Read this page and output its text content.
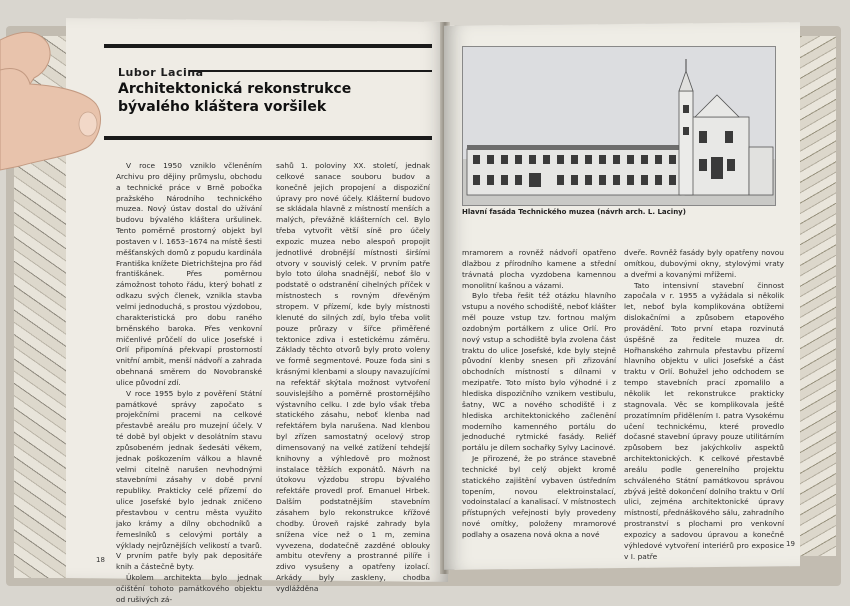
Lubor Lacina
Architektonická rekonstrukce
bývalého kláštera voršilek

V roce 1950 vzniklo včleněním Archivu pro dějiny průmyslu, obchodu a technické práce v Brně pobočka pražského Národního technického muzea. Nový ústav dostal do užívání budovu bývalého kláštera uršulinek. Tento poměrně prostorný objekt byl postaven v l. 1653–1674 na místě šesti měšťanských domů z popudu kardinála Františka knížete Dietrichštejna pro řád františkánek. Přes poměrnou zámožnost tohoto řádu, který bohatl z odkazu svých členek, vznikla stavba velmi jednoduchá, s prostou výzdobou, charakteristická pro dobu raného brněnského baroka. Přes venkovní mičenlivé průčelí do ulice Josefské i Orlí připomíná překvapí prostorností vnitřní ambit, menší nádvoří a zahrada obehnaná směrem do Novobranské ulice původní zdí.

V roce 1955 bylo z pověření Státní památkové správy započato s projekčními pracemi na celkové přestavbě areálu pro muzejní účely. V té době byl objekt v desolátním stavu způsobeném jednak šedesáti věkem, jednak poškozením válkou a hlavně velmi citelně narušen nevhodnými stavebními zásahy v době první republiky. Prakticky celé přízemí do ulice Josefské bylo jednak zničeno přestavbou v centru města využito jako krámy a dílny obchodníků a řemeslníků s celovými portály a výklady nejrůznějších velikostí a tvarů. V prvním patře byly pak depositáře knih a částečně byty.

Úkolem architekta bylo jednak očištění tohoto památkového objektu od rušivých zá-

sahů 1. poloviny XX. století, jednak celkové sanace souboru budov a konečně jejich propojení a dispoziční úpravy pro nové účely. Klášterní budovo se skládala hlavně z místností menších a malých, převážně klášterních cel. Bylo třeba vytvořit větší síně pro účely expozic muzea nebo alespoň propojit jednotlivé drobnější místnosti širšími otvory v souvislý celek. V prvním patře bylo toto úloha snadnější, neboť šlo v podstatě o odstranění cihelných příček v místnostech s rovným dřevěným stropem. V přízemí, kde byly místnosti klenuté do silných zdí, bylo třeba volit pouze průrazy v šířce přiměřené tektonice zdiva i estetickému záměru. Základy těchto otvorů byly proto voleny ve formě segmentové. Pouze foda sini s krásnými klenbami a sloupy navazujícími na refektář skýtala možnost vytvoření souvislejšího a poměrně prostornějšího výstavního celku. I zde bylo však třeba statického zásahu, neboť klenba nad refektářem byla narušena. Nad klenbou byl zřízen samostatný ocelový strop dimensovaný na velké zatížení tehdejší knihovny a výhledově pro možnost instalace těžších exponátů. Návrh na útokovu výzdobu stropu bývalého refektáře provedl prof. Emanuel Hrbek. Dalším podstatnějším stavebním zásahem bylo rekonstrukce křížové chodby. Úroveň rajské zahrady byla snížena více než o 1 m, zemina vyvezena, dodatečně zazděné oblouky ambitu otevřeny a prostranné pilíře i zdivo vysušeny a opatřeny izolací. Arkády byly zaskleny, chodba vydlážděna

18
Hlavní fasáda Technického muzea (návrh arch. L. Laciny)

mramorem a rovněž nádvoří opatřeno dlažbou z přírodního kamene a střední trávnatá plocha vyzdobena kamennou monolitní kašnou a vázami.

Bylo třeba řešit též otázku hlavního vstupu a nového schodiště, neboť klášter měl pouze vstup tzv. fortnou malým ozdobným portálkem z ulice Orlí. Pro nový vstup a schodiště byla zvolena část traktu do ulice Josefské, kde byly stejně původní klenby snesen při zřizování obchodních místností s dílnami v mezipatře. Toto místo bylo výhodné i z hlediska dispozičního vznikem vestibulu, šatny, WC a nového schodiště i z hlediska architektonického začlenění moderního kamenného portálu do jednoduché rytmické fasády. Reliéf portálu je dílem sochařky Sylvy Lacinové.

Je přirozené, že po stránce stavebně technické byl celý objekt kromě statického zajištění vybaven ústředním topením, novou elektroinstalací, vodoinstalací a kanalisací. V místnostech přístupných veřejnosti byly provedeny nové omítky, položeny mramorové podlahy a osazena nová okna a nové

dveře. Rovněž fasády byly opatřeny novou omítkou, dubovými okny, stylovými vraty a dveřmi a kovanými mřížemi.

Tato intensivní stavební činnost započala v r. 1955 a vyžádala si několik let, neboť byla komplikována obtížemi dislokačními a způsobem etapového provádění. Toto první etapa rozvinutá úspěšně za ředitele muzea dr. Hořhanského zahrnula přestavbu přízemí hlavního objektu v ulici Josefské a část traktu v Orlí. Bohužel jeho odchodem se tempo stavebních prací zpomalilo a několik let rekonstrukce prakticky stagnovala. Věc se komplikovala ještě prozatímním přidělením I. patra Vysokému učení technickému, které provedlo dočasné stavební úpravy pouze utilitárním způsobem bez jakýchkoliv aspektů architektonických. K celkové přestavbě areálu podle generelního projektu schváleného Státní památkovou správou zbývá ještě dokončení dolního traktu v Orlí ulici, zejména architektonické úpravy místností, přednáškového sálu, zahradního prostranství s plochami pro venkovní expozicy a sadovou úpravou a konečně výhledové vytvoření interiérů pro exposice v I. patře

19
